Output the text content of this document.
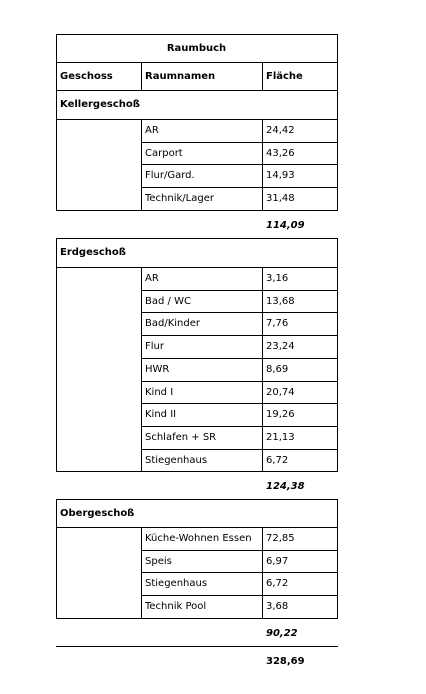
Raumbuch
Geschoss	Raumnamen	Fläche
Kellergeschoß
AR	24,42
Carport	43,26
Flur/Gard.	14,93
Technik/Lager	31,48
114,09
Erdgeschoß
AR	3,16
Bad / WC	13,68
Bad/Kinder	7,76
Flur	23,24
HWR	8,69
Kind I	20,74
Kind II	19,26
Schlafen + SR	21,13
Stiegenhaus	6,72
124,38
Obergeschoß
Küche-Wohnen Essen 72,85
Speis	6,97
Stiegenhaus	6,72
Technik Pool	3,68
90,22
328,69
